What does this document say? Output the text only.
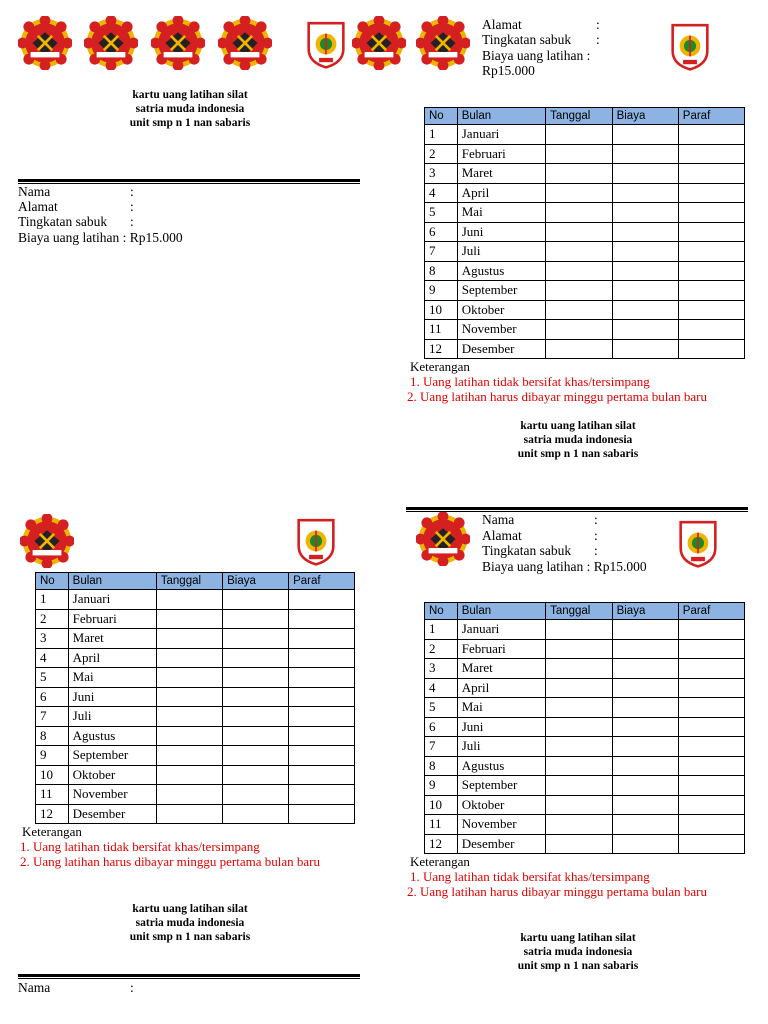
kartu uang latihan silat
satria muda indonesia
unit smp n 1 nan sabaris
Nama	:
Alamat	:
Tingkatan sabuk :
Biaya uang latihan : Rp15.000
Alamat	:
Tingkatan sabuk :
Biaya uang latihan :
Rp15.000
No	Bulan	Tanggal	Biaya	Paraf
1	Januari			
2	Februari			
3	Maret			
4	April			
5	Mai			
6	Juni			
7	Juli			
8	Agustus			
9	September			
10	Oktober			
11	November			
12	Desember			
Keterangan
1. Uang latihan tidak bersifat khas/tersimpang
2. Uang latihan harus dibayar minggu pertama bulan baru
kartu uang latihan silat
satria muda indonesia
unit smp n 1 nan sabaris
No	Bulan	Tanggal	Biaya	Paraf
1	Januari			
2	Februari			
3	Maret			
4	April			
5	Mai			
6	Juni			
7	Juli			
8	Agustus			
9	September			
10	Oktober			
11	November			
12	Desember			
Keterangan
1. Uang latihan tidak bersifat khas/tersimpang
2. Uang latihan harus dibayar minggu pertama bulan baru
kartu uang latihan silat
satria muda indonesia
unit smp n 1 nan sabaris
Nama	:
Nama	:
Alamat	:
Tingkatan sabuk :
Biaya uang latihan : Rp15.000
No	Bulan	Tanggal	Biaya	Paraf
1	Januari			
2	Februari			
3	Maret			
4	April			
5	Mai			
6	Juni			
7	Juli			
8	Agustus			
9	September			
10	Oktober			
11	November			
12	Desember			
Keterangan
1. Uang latihan tidak bersifat khas/tersimpang
2. Uang latihan harus dibayar minggu pertama bulan baru
kartu uang latihan silat
satria muda indonesia
unit smp n 1 nan sabaris
